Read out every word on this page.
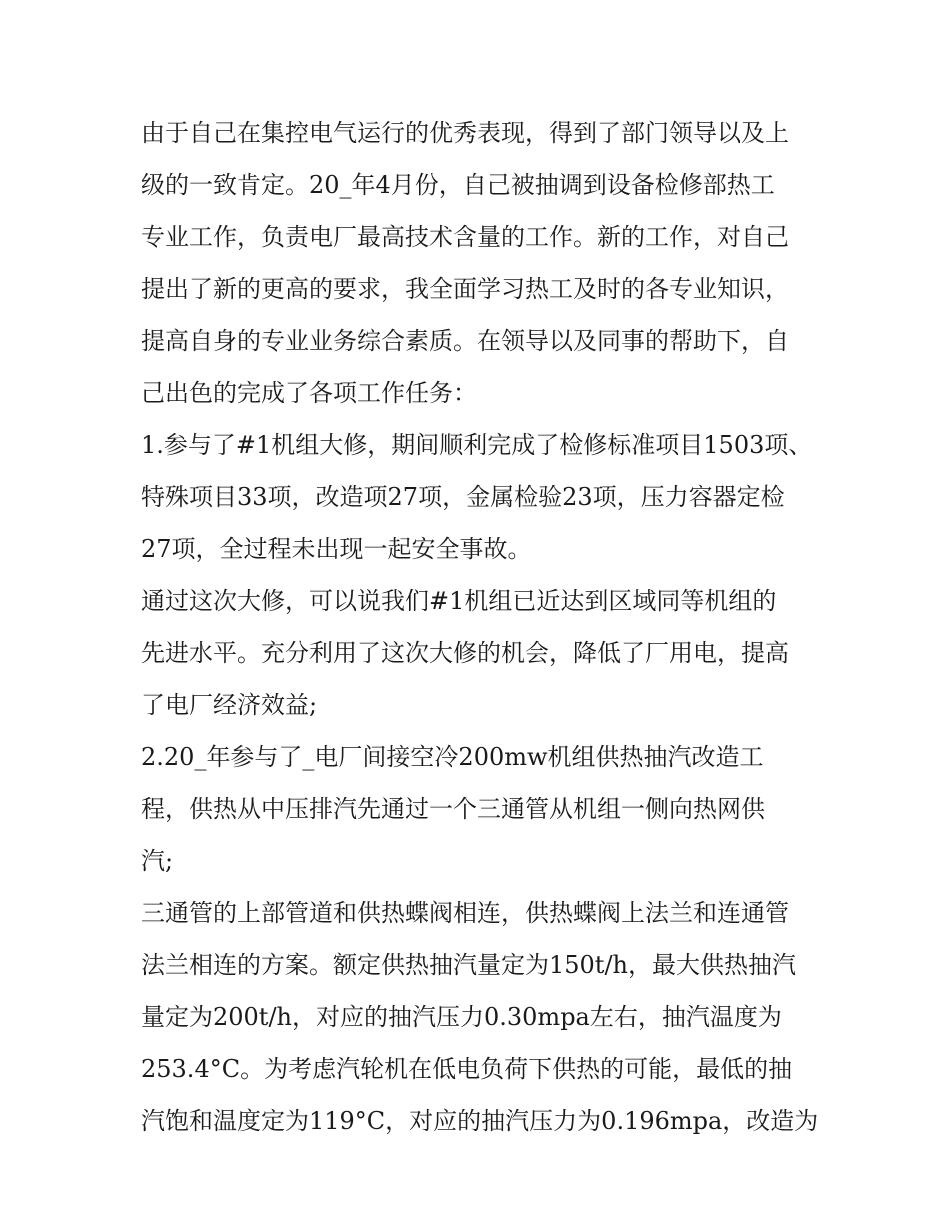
由于自己在集控电气运行的优秀表现，得到了部门领导以及上
级的一致肯定。20_年4月份，自己被抽调到设备检修部热工
专业工作，负责电厂最高技术含量的工作。新的工作，对自己
提出了新的更高的要求，我全面学习热工及时的各专业知识，
提高自身的专业业务综合素质。在领导以及同事的帮助下，自
己出色的完成了各项工作任务：
1.参与了#1机组大修，期间顺利完成了检修标准项目1503项、
特殊项目33项，改造项27项，金属检验23项，压力容器定检
27项，全过程未出现一起安全事故。
通过这次大修，可以说我们#1机组已近达到区域同等机组的
先进水平。充分利用了这次大修的机会，降低了厂用电，提高
了电厂经济效益;
2.20_年参与了_电厂间接空冷200mw机组供热抽汽改造工
程，供热从中压排汽先通过一个三通管从机组一侧向热网供
汽;
三通管的上部管道和供热蝶阀相连，供热蝶阀上法兰和连通管
法兰相连的方案。额定供热抽汽量定为150t/h，最大供热抽汽
量定为200t/h，对应的抽汽压力0.30mpa左右，抽汽温度为
253.4°C。为考虑汽轮机在低电负荷下供热的可能，最低的抽
汽饱和温度定为119°C，对应的抽汽压力为0.196mpa，改造为
